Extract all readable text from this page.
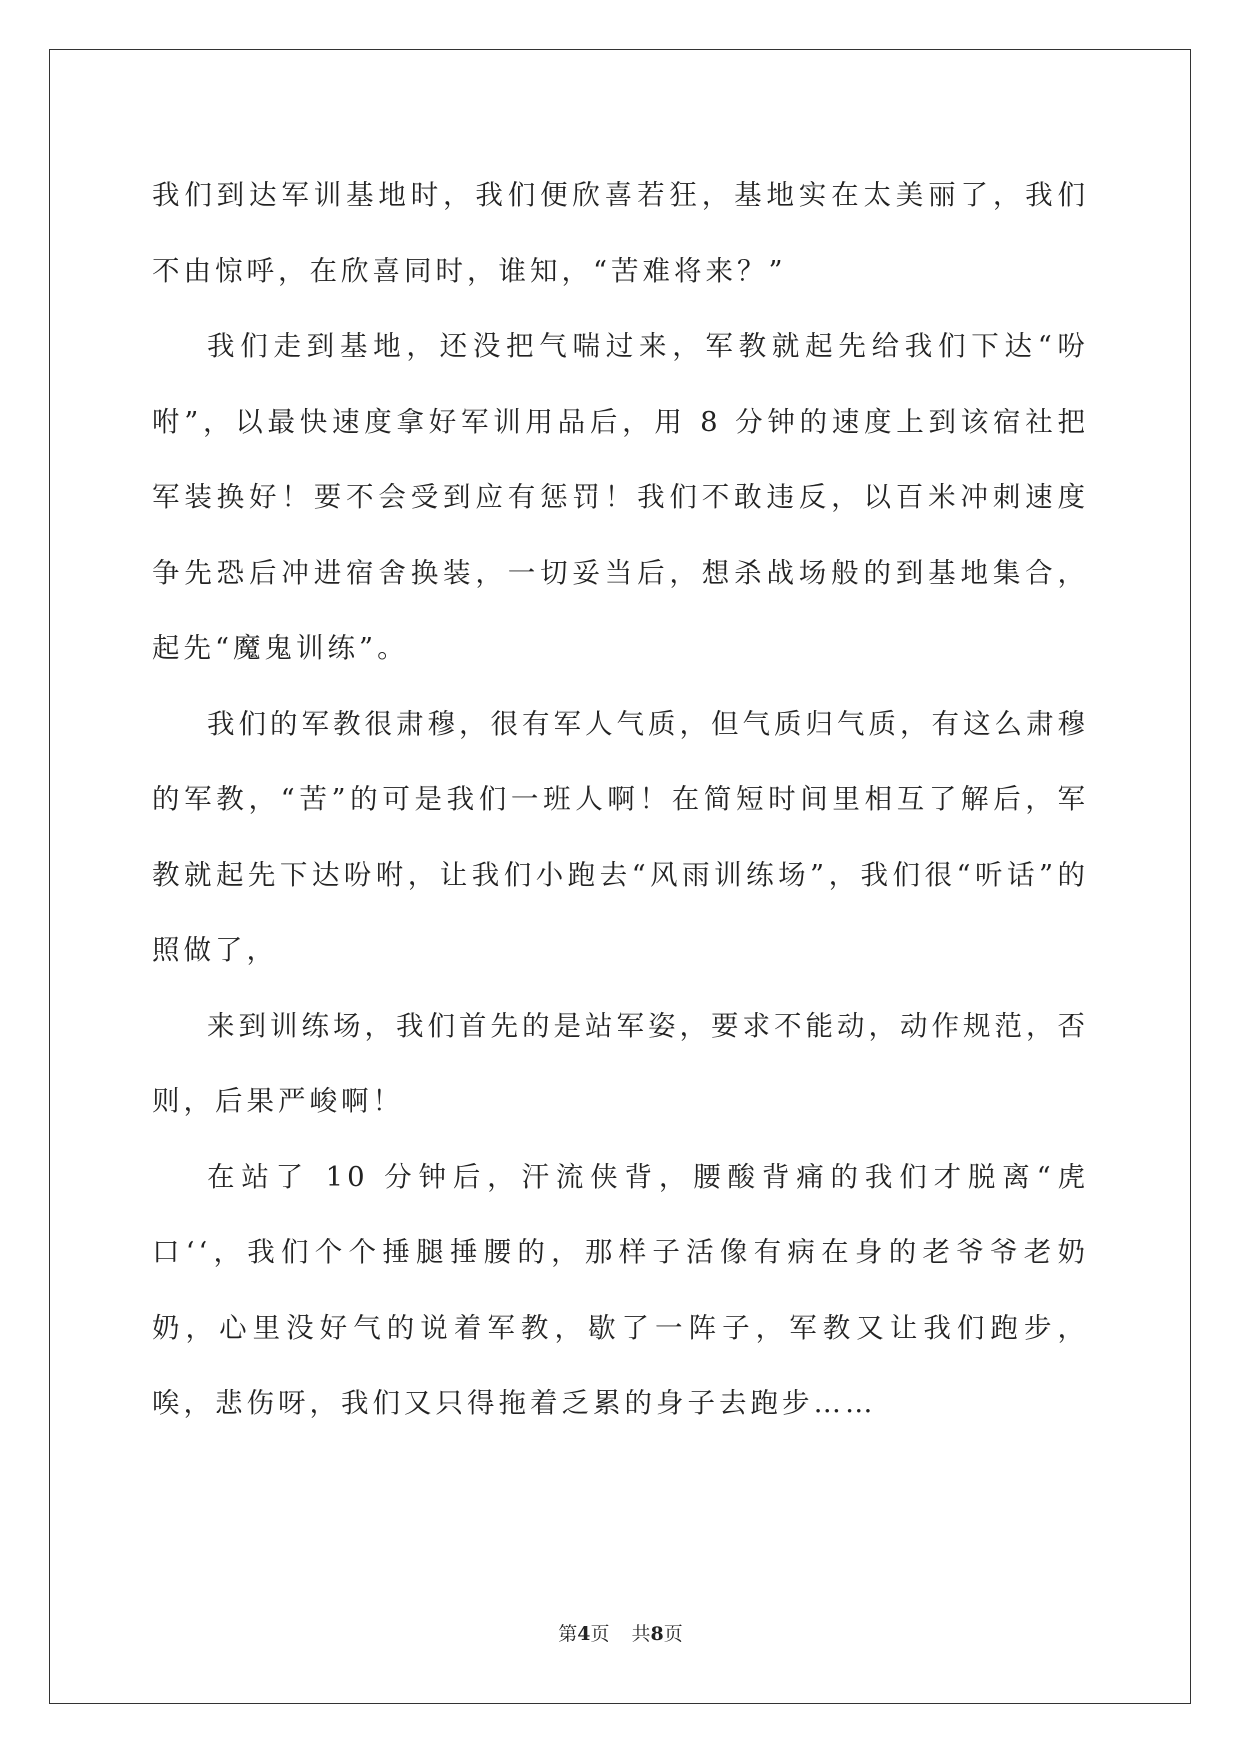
我们到达军训基地时，我们便欣喜若狂，基地实在太美丽了，我们不由惊呼，在欣喜同时，谁知，“苦难将来？”

我们走到基地，还没把气喘过来，军教就起先给我们下达“吩咐”，以最快速度拿好军训用品后，用 8 分钟的速度上到该宿社把军装换好！要不会受到应有惩罚！我们不敢违反，以百米冲刺速度争先恐后冲进宿舍换装，一切妥当后，想杀战场般的到基地集合，起先“魔鬼训练”。

我们的军教很肃穆，很有军人气质，但气质归气质，有这么肃穆的军教，“苦”的可是我们一班人啊！在简短时间里相互了解后，军教就起先下达吩咐，让我们小跑去“风雨训练场”，我们很“听话”的照做了，

来到训练场，我们首先的是站军姿，要求不能动，动作规范，否则，后果严峻啊！

在站了 10 分钟后，汗流侠背，腰酸背痛的我们才脱离“虎口‘‘，我们个个捶腿捶腰的，那样子活像有病在身的老爷爷老奶奶，心里没好气的说着军教，歇了一阵子，军教又让我们跑步，唉，悲伤呀，我们又只得拖着乏累的身子去跑步……

第4页 共8页
